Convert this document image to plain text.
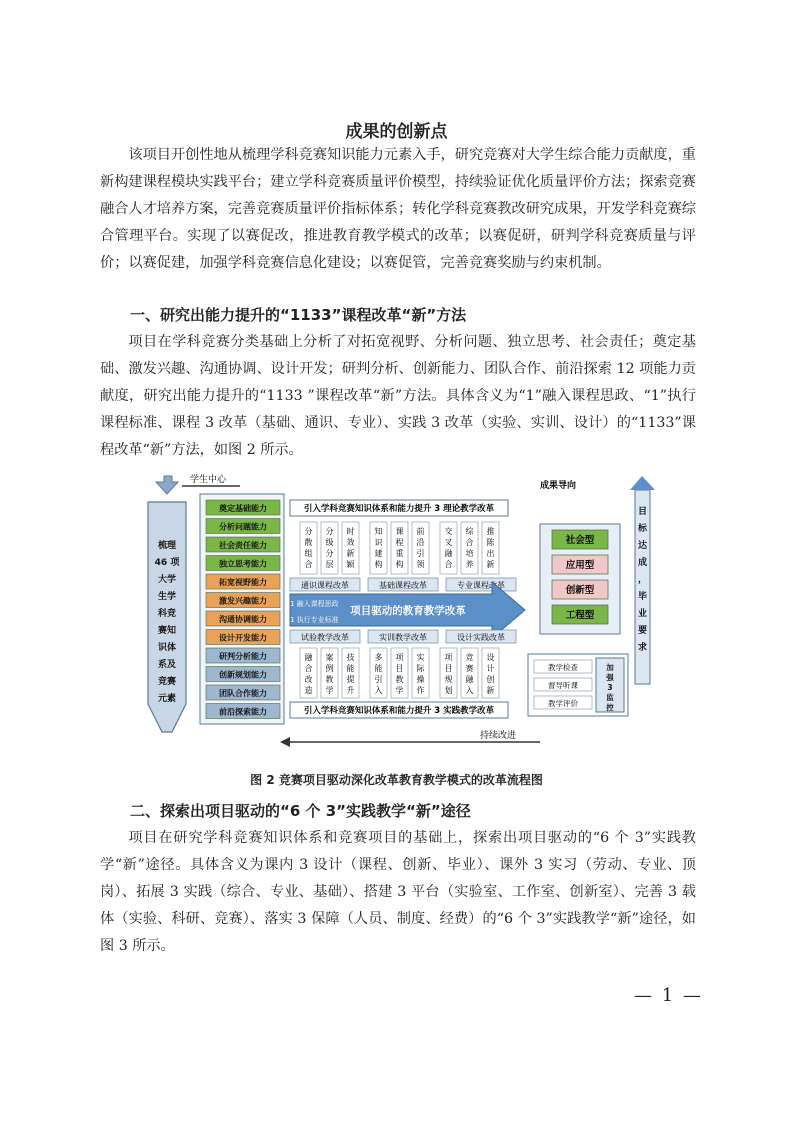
成果的创新点

该项目开创性地从梳理学科竞赛知识能力元素入手，研究竞赛对大学生综合能力贡献度，重新构建课程模块实践平台；建立学科竞赛质量评价模型，持续验证优化质量评价方法；探索竞赛融合人才培养方案，完善竞赛质量评价指标体系；转化学科竞赛教改研究成果，开发学科竞赛综合管理平台。实现了以赛促改，推进教育教学模式的改革；以赛促研，研判学科竞赛质量与评价；以赛促建，加强学科竞赛信息化建设；以赛促管，完善竞赛奖励与约束机制。

一、研究出能力提升的“1133”课程改革“新”方法

项目在学科竞赛分类基础上分析了对拓宽视野、分析问题、独立思考、社会责任；奠定基础、激发兴趣、沟通协调、设计开发；研判分析、创新能力、团队合作、前沿探索 12 项能力贡献度，研究出能力提升的“1133 ”课程改革“新”方法。具体含义为“1”融入课程思政、“1”执行课程标准、课程 3 改革（基础、通识、专业）、实践 3 改革（实验、实训、设计）的“1133”课程改革“新”方法，如图 2 所示。

学生中心
梳理 46 项大学生学科竞赛知识体系及竞赛元素
奠定基础能力
分析问题能力
社会责任能力
独立思考能力
拓宽视野能力
激发兴趣能力
沟通协调能力
设计开发能力
研判分析能力
创新规划能力
团队合作能力
前沿探索能力
引入学科竞赛知识体系和能力提升 3 理论教学改革
分散组合
分级分层
时效新颖
知识建构
课程重构
前沿引领
交叉融合
综合培养
推陈出新
通识课程改革	基础课程改革	专业课程改革
项目驱动的教育教学改革
1 融入课程思政
1 执行专业标准
试验教学改革	实训教学改革	设计实践改革
融合改造
案例教学
技能提升
多能引入
项目教学
实际操作
项目规划
竞赛融入
设计创新
引入学科竞赛知识体系和能力提升 3 实践教学改革
成果导向
社会型
应用型
创新型
工程型
目标达成，毕业要求
教学检查
督导听课
教学评价
加强 3 监控
持续改进
图 2 竞赛项目驱动深化改革教育教学模式的改革流程图

二、探索出项目驱动的“6 个 3”实践教学“新”途径

项目在研究学科竞赛知识体系和竞赛项目的基础上，探索出项目驱动的“6 个 3”实践教学“新”途径。具体含义为课内 3 设计（课程、创新、毕业）、课外 3 实习（劳动、专业、顶岗）、拓展 3 实践（综合、专业、基础）、搭建 3 平台（实验室、工作室、创新室）、完善 3 载体（实验、科研、竞赛）、落实 3 保障（人员、制度、经费）的“6 个 3”实践教学“新”途径，如图 3 所示。

— 1 —
